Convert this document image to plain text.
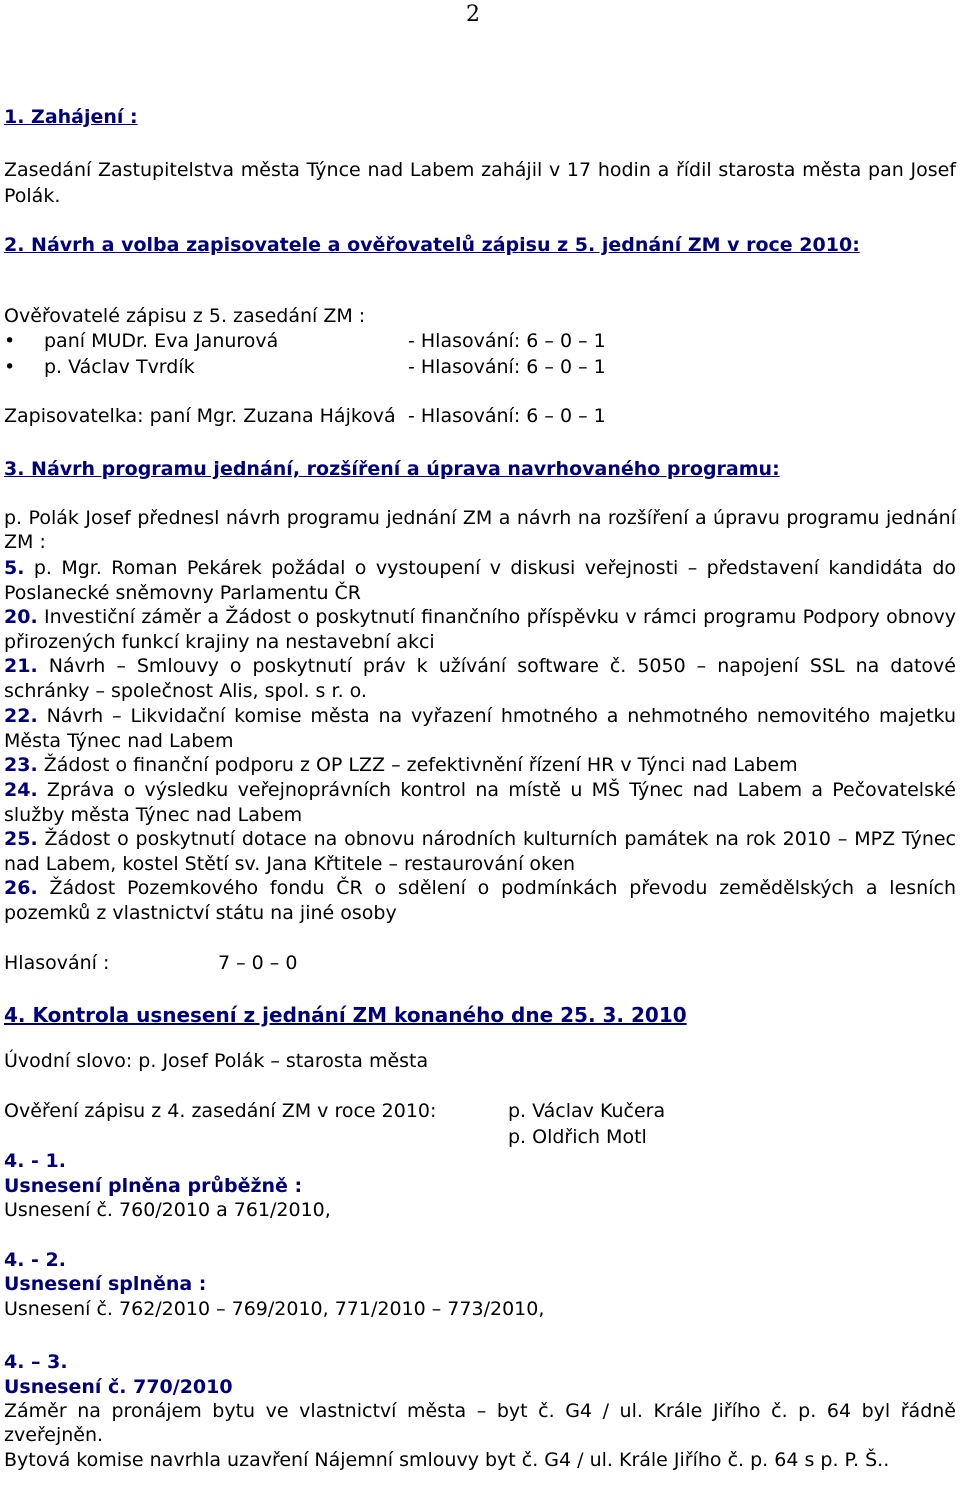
2
1. Zahájení :
Zasedání Zastupitelstva města Týnce nad Labem zahájil v 17 hodin a řídil starosta města pan Josef Polák.
2. Návrh a volba zapisovatele a ověřovatelů zápisu z 5. jednání ZM v roce 2010:
Ověřovatelé zápisu z 5. zasedání ZM :
• paní MUDr. Eva Janurová	- Hlasování: 6 – 0 – 1
• p. Václav Tvrdík	- Hlasování: 6 – 0 – 1
Zapisovatelka: paní Mgr. Zuzana Hájková - Hlasování: 6 – 0 – 1
3. Návrh programu jednání, rozšíření a úprava navrhovaného programu:
p. Polák Josef přednesl návrh programu jednání ZM a návrh na rozšíření a úpravu programu jednání ZM :
5. p. Mgr. Roman Pekárek požádal o vystoupení v diskusi veřejnosti – představení kandidáta do Poslanecké sněmovny Parlamentu ČR
20. Investiční záměr a Žádost o poskytnutí finančního příspěvku v rámci programu Podpory obnovy přirozených funkcí krajiny na nestavební akci
21. Návrh – Smlouvy o poskytnutí práv k užívání software č. 5050 – napojení SSL na datové schránky – společnost Alis, spol. s r. o.
22. Návrh – Likvidační komise města na vyřazení hmotného a nehmotného nemovitého majetku Města Týnec nad Labem
23. Žádost o finanční podporu z OP LZZ – zefektivnění řízení HR v Týnci nad Labem
24. Zpráva o výsledku veřejnoprávních kontrol na místě u MŠ Týnec nad Labem a Pečovatelské služby města Týnec nad Labem
25. Žádost o poskytnutí dotace na obnovu národních kulturních památek na rok 2010 – MPZ Týnec nad Labem, kostel Stětí sv. Jana Křtitele – restaurování oken
26. Žádost Pozemkového fondu ČR o sdělení o podmínkách převodu zemědělských a lesních pozemků z vlastnictví státu na jiné osoby
Hlasování :	7 – 0 – 0
4. Kontrola usnesení z jednání ZM konaného dne 25. 3. 2010
Úvodní slovo: p. Josef Polák – starosta města
Ověření zápisu z 4. zasedání ZM v roce 2010:	p. Václav Kučera
p. Oldřich Motl
4. - 1.
Usnesení plněna průběžně :
Usnesení č. 760/2010 a 761/2010,
4. - 2.
Usnesení splněna :
Usnesení č. 762/2010 – 769/2010, 771/2010 – 773/2010,
4. – 3.
Usnesení č. 770/2010
Záměr na pronájem bytu ve vlastnictví města – byt č. G4 / ul. Krále Jiřího č. p. 64 byl řádně zveřejněn.
Bytová komise navrhla uzavření Nájemní smlouvy byt č. G4 / ul. Krále Jiřího č. p. 64 s p. P. Š..
